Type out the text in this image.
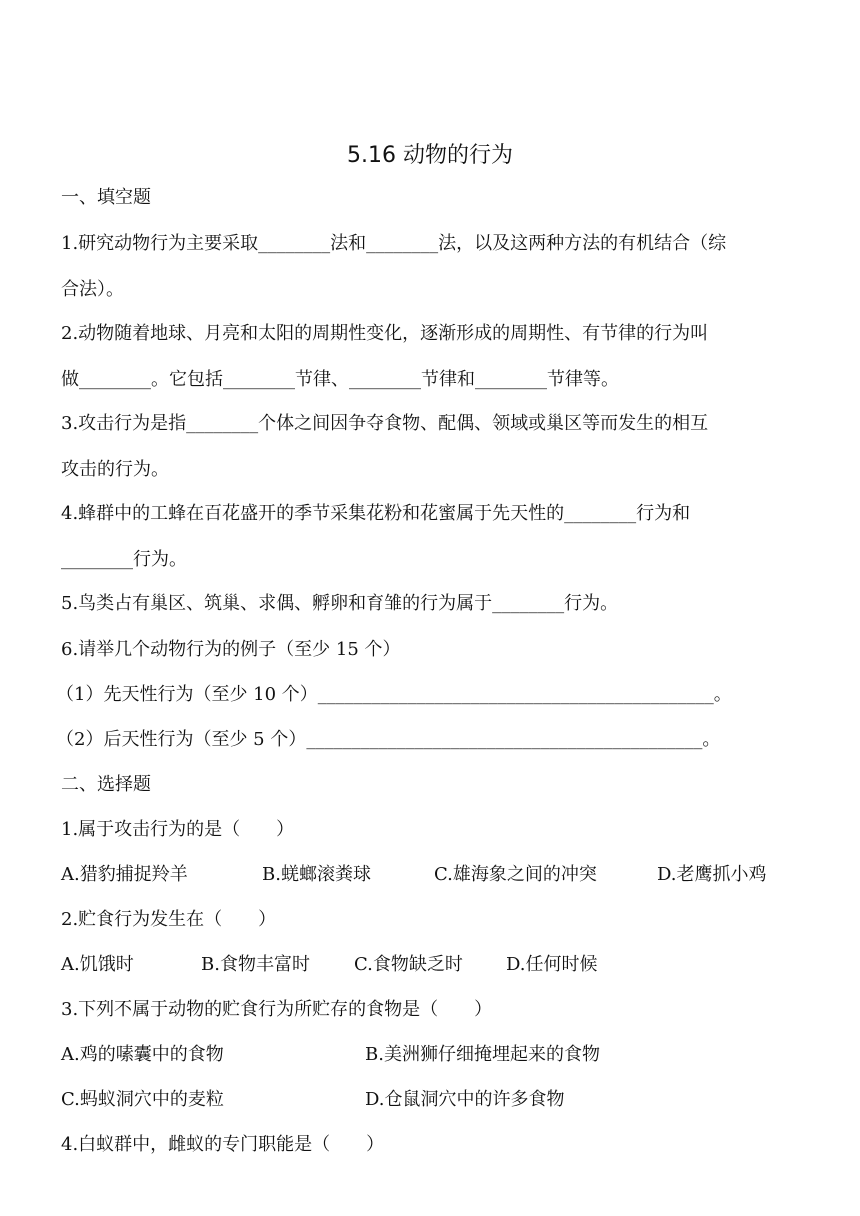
5.16 动物的行为
一、填空题
1.研究动物行为主要采取________法和________法，以及这两种方法的有机结合（综
合法）。
2.动物随着地球、月亮和太阳的周期性变化，逐渐形成的周期性、有节律的行为叫
做________。它包括________节律、________节律和________节律等。
3.攻击行为是指________个体之间因争夺食物、配偶、领域或巢区等而发生的相互
攻击的行为。
4.蜂群中的工蜂在百花盛开的季节采集花粉和花蜜属于先天性的________行为和
________行为。
5.鸟类占有巢区、筑巢、求偶、孵卵和育雏的行为属于________行为。
6.请举几个动物行为的例子（至少 15 个）
（1）先天性行为（至少 10 个）____________________________________________。
（2）后天性行为（至少 5 个）____________________________________________。
二、选择题
1.属于攻击行为的是（　　）
A.猎豹捕捉羚羊	B.蜣螂滚粪球	C.雄海象之间的冲突	D.老鹰抓小鸡
2.贮食行为发生在（　　）
A.饥饿时	B.食物丰富时 C.食物缺乏时 D.任何时候
3.下列不属于动物的贮食行为所贮存的食物是（　　）
A.鸡的嗉囊中的食物	B.美洲狮仔细掩埋起来的食物
C.蚂蚁洞穴中的麦粒	D.仓鼠洞穴中的许多食物
4.白蚁群中，雌蚁的专门职能是（　　）
